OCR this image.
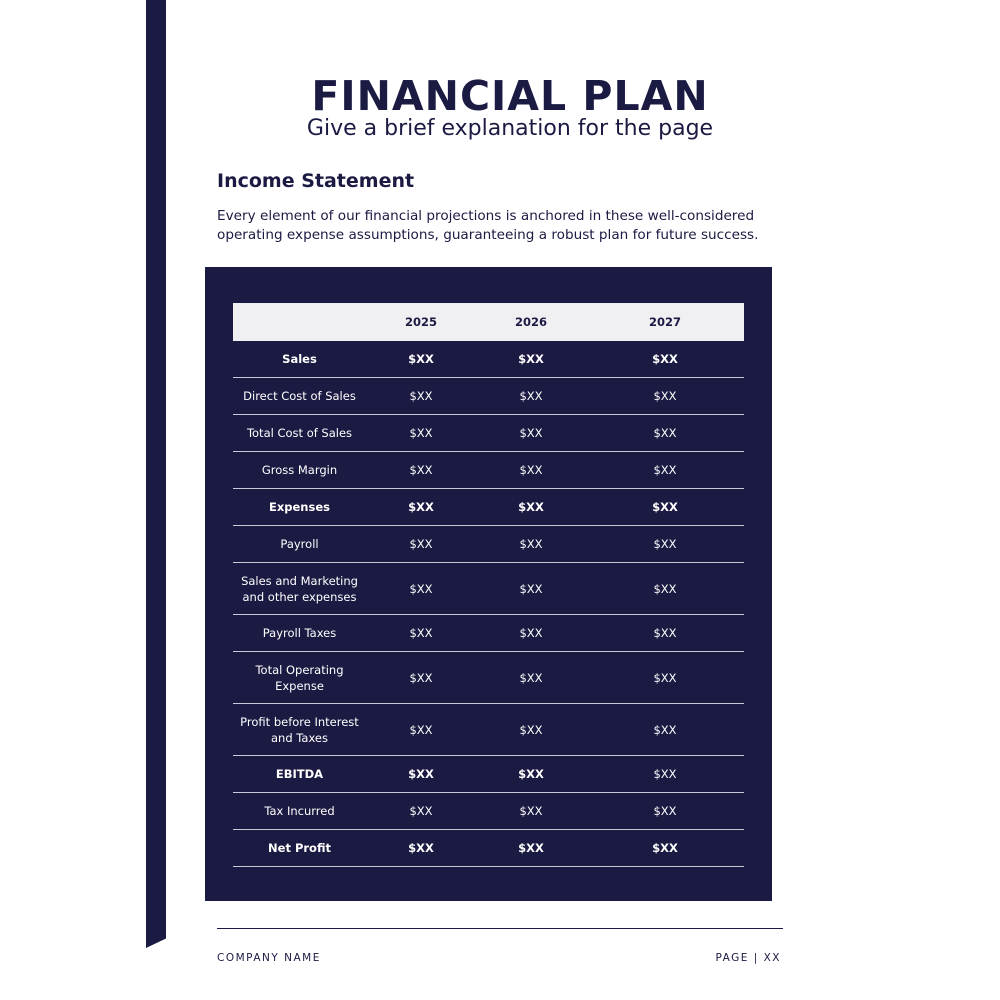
FINANCIAL PLAN

Give a brief explanation for the page

Income Statement

Every element of our financial projections is anchored in these well-considered operating expense assumptions, guaranteeing a robust plan for future success.

	2025	2026	2027
Sales	$XX	$XX	$XX
Direct Cost of Sales	$XX	$XX	$XX
Total Cost of Sales	$XX	$XX	$XX
Gross Margin	$XX	$XX	$XX
Expenses	$XX	$XX	$XX
Payroll	$XX	$XX	$XX
Sales and Marketing and other expenses	$XX	$XX	$XX
Payroll Taxes	$XX	$XX	$XX
Total Operating Expense	$XX	$XX	$XX
Profit before Interest and Taxes	$XX	$XX	$XX
EBITDA	$XX	$XX	$XX
Tax Incurred	$XX	$XX	$XX
Net Profit	$XX	$XX	$XX
COMPANY NAME	PAGE | XX
